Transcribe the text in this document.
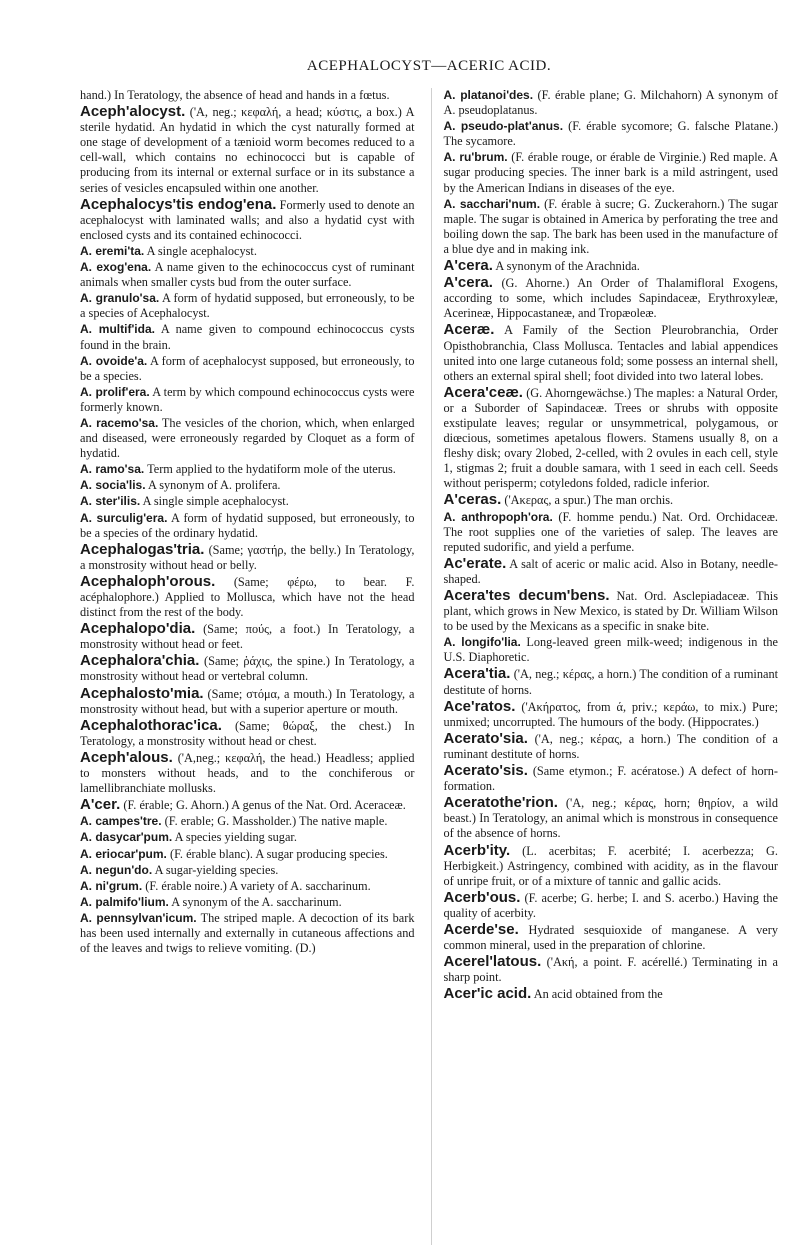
ACEPHALOCYST—ACERIC ACID.

hand.) In Teratology, the absence of head and hands in a fœtus.

Aceph'alocyst. ('A, neg.; κεφαλή, a head; κύστις, a box.) A sterile hydatid. An hydatid in which the cyst naturally formed at one stage of development of a tænioid worm becomes reduced to a cell-wall, which contains no echinococci but is capable of producing from its internal or external surface or in its substance a series of vesicles encapsuled within one another.

Acephalocys'tis endog'ena. Formerly used to denote an acephalocyst with laminated walls; and also a hydatid cyst with enclosed cysts and its contained echinococci.

A. eremi'ta. A single acephalocyst.

A. exog'ena. A name given to the echinococcus cyst of ruminant animals when smaller cysts bud from the outer surface.

A. granulo'sa. A form of hydatid supposed, but erroneously, to be a species of Acephalocyst.

A. multif'ida. A name given to compound echinococcus cysts found in the brain.

A. ovoide'a. A form of acephalocyst supposed, but erroneously, to be a species.

A. prolif'era. A term by which compound echinococcus cysts were formerly known.

A. racemo'sa. The vesicles of the chorion, which, when enlarged and diseased, were erroneously regarded by Cloquet as a form of hydatid.

A. ramo'sa. Term applied to the hydatiform mole of the uterus.

A. socia'lis. A synonym of A. prolifera.

A. ster'ilis. A single simple acephalocyst.

A. surculig'era. A form of hydatid supposed, but erroneously, to be a species of the ordinary hydatid.

Acephalogas'tria. (Same; γαστήρ, the belly.) In Teratology, a monstrosity without head or belly.

Acephaloph'orous. (Same; φέρω, to bear. F. acéphalophore.) Applied to Mollusca, which have not the head distinct from the rest of the body.

Acephalopo'dia. (Same; πούς, a foot.) In Teratology, a monstrosity without head or feet.

Acephalora'chia. (Same; ῥάχις, the spine.) In Teratology, a monstrosity without head or vertebral column.

Acephalosto'mia. (Same; στόμα, a mouth.) In Teratology, a monstrosity without head, but with a superior aperture or mouth.

Acephalothorac'ica. (Same; θώραξ, the chest.) In Teratology, a monstrosity without head or chest.

Aceph'alous. ('A,neg.; κεφαλή, the head.) Headless; applied to monsters without heads, and to the conchiferous or lamellibranchiate mollusks.

A'cer. (F. érable; G. Ahorn.) A genus of the Nat. Ord. Aceraceæ.

A. campes'tre. (F. erable; G. Massholder.) The native maple.

A. dasycar'pum. A species yielding sugar.

A. eriocar'pum. (F. érable blanc). A sugar producing species.

A. negun'do. A sugar-yielding species.

A. ni'grum. (F. érable noire.) A variety of A. saccharinum.

A. palmifo'lium. A synonym of the A. saccharinum.

A. pennsylvan'icum. The striped maple. A decoction of its bark has been used internally and externally in cutaneous affections and of the leaves and twigs to relieve vomiting. (D.)

A. platanoi'des. (F. érable plane; G. Milchahorn) A synonym of A. pseudoplatanus.

A. pseudo-plat'anus. (F. érable sycomore; G. falsche Platane.) The sycamore.

A. ru'brum. (F. érable rouge, or érable de Virginie.) Red maple. A sugar producing species. The inner bark is a mild astringent, used by the American Indians in diseases of the eye.

A. sacchari'num. (F. érable à sucre; G. Zuckerahorn.) The sugar maple. The sugar is obtained in America by perforating the tree and boiling down the sap. The bark has been used in the manufacture of a blue dye and in making ink.

A'cera. A synonym of the Arachnida.

A'cera. (G. Ahorne.) An Order of Thalamifloral Exogens, according to some, which includes Sapindaceæ, Erythroxyleæ, Acerineæ, Hippocastaneæ, and Tropæoleæ.

Aceræ. A Family of the Section Pleurobranchia, Order Opisthobranchia, Class Mollusca. Tentacles and labial appendices united into one large cutaneous fold; some possess an internal shell, others an external spiral shell; foot divided into two lateral lobes.

Acera'ceæ. (G. Ahorngewächse.) The maples: a Natural Order, or a Suborder of Sapindaceæ. Trees or shrubs with opposite exstipulate leaves; regular or unsymmetrical, polygamous, or diœcious, sometimes apetalous flowers. Stamens usually 8, on a fleshy disk; ovary 2lobed, 2-celled, with 2 ovules in each cell, style 1, stigmas 2; fruit a double samara, with 1 seed in each cell. Seeds without perisperm; cotyledons folded, radicle inferior.

A'ceras. ('Ακερας, a spur.) The man orchis.

A. anthropoph'ora. (F. homme pendu.) Nat. Ord. Orchidaceæ. The root supplies one of the varieties of salep. The leaves are reputed sudorific, and yield a perfume.

Ac'erate. A salt of aceric or malic acid. Also in Botany, needle-shaped.

Acera'tes decum'bens. Nat. Ord. Asclepiadaceæ. This plant, which grows in New Mexico, is stated by Dr. William Wilson to be used by the Mexicans as a specific in snake bite.

A. longifo'lia. Long-leaved green milk-weed; indigenous in the U.S. Diaphoretic.

Acera'tia. ('A, neg.; κέρας, a horn.) The condition of a ruminant destitute of horns.

Ace'ratos. ('Ακήρατος, from ά, priv.; κεράω, to mix.) Pure; unmixed; uncorrupted. The humours of the body. (Hippocrates.)

Acerato'sia. ('A, neg.; κέρας, a horn.) The condition of a ruminant destitute of horns.

Acerato'sis. (Same etymon.; F. acératose.) A defect of horn-formation.

Aceratothe'rion. ('A, neg.; κέρας, horn; θηρίον, a wild beast.) In Teratology, an animal which is monstrous in consequence of the absence of horns.

Acerb'ity. (L. acerbitas; F. acerbité; I. acerbezza; G. Herbigkeit.) Astringency, combined with acidity, as in the flavour of unripe fruit, or of a mixture of tannic and gallic acids.

Acerb'ous. (F. acerbe; G. herbe; I. and S. acerbo.) Having the quality of acerbity.

Acerde'se. Hydrated sesquioxide of manganese. A very common mineral, used in the preparation of chlorine.

Acerel'latous. ('Ακή, a point. F. acérellé.) Terminating in a sharp point.

Acer'ic acid. An acid obtained from the
